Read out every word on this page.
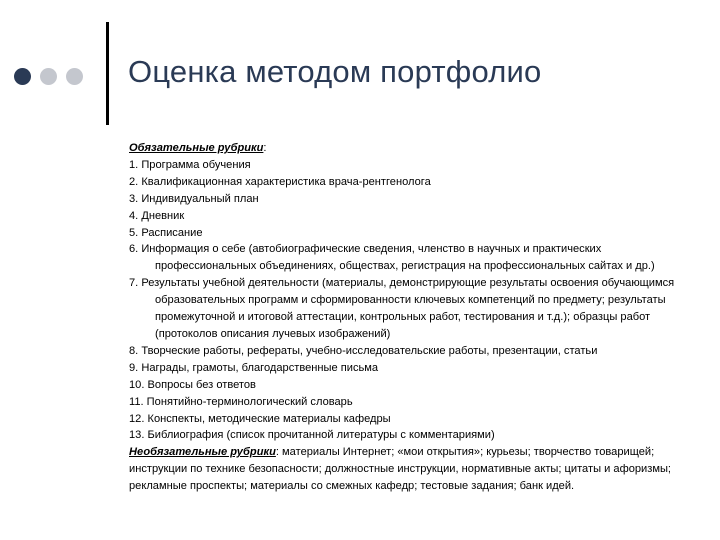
Оценка методом портфолио

Обязательные рубрики:

1. Программа обучения

2. Квалификационная характеристика врача-рентгенолога

3. Индивидуальный план

4. Дневник

5. Расписание

6. Информация о себе (автобиографические сведения, членство в научных и практических профессиональных объединениях, обществах, регистрация на профессиональных сайтах и др.)

7. Результаты учебной деятельности (материалы, демонстрирующие результаты освоения обучающимся образовательных программ и сформированности ключевых компетенций по предмету; результаты промежуточной и итоговой аттестации, контрольных работ, тестирования и т.д.); образцы работ (протоколов описания лучевых изображений)

8. Творческие работы, рефераты, учебно-исследовательские работы, презентации, статьи

9. Награды, грамоты, благодарственные письма

10. Вопросы без ответов

11. Понятийно-терминологический словарь

12. Конспекты, методические материалы кафедры

13. Библиография (список прочитанной литературы с комментариями)

Необязательные рубрики: материалы Интернет; «мои открытия»; курьезы; творчество товарищей;

инструкции по технике безопасности; должностные инструкции, нормативные акты; цитаты и афоризмы;

рекламные проспекты; материалы со смежных кафедр; тестовые задания; банк идей.
